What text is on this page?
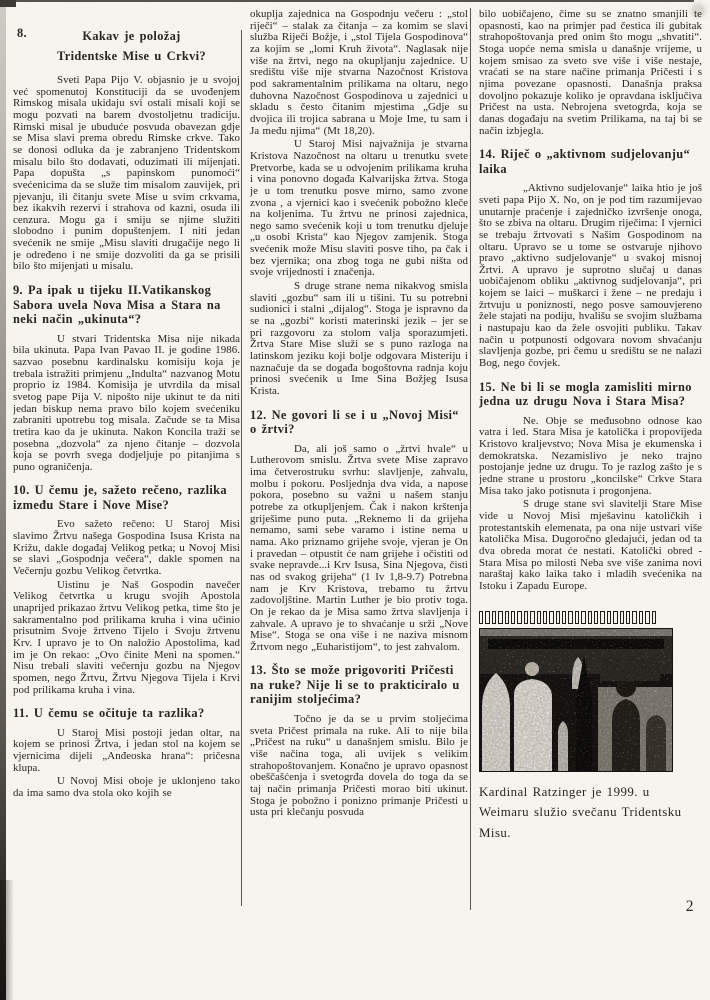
8.	Kakav je položaj
Tridentske Mise u Crkvi?

Sveti Papa Pijo V. objasnio je u svojoj već spomenutoj Konstituciji da se uvođenjem Rimskog misala ukidaju svi ostali misali koji se mogu pozvati na barem dvostoljetnu tradiciju. Rimski misal je ubuduće posvuda obavezan gdje se Misa slavi prema obredu Rimske crkve. Tako se donosi odluka da je zabranjeno Tridentskom misalu bilo što dodavati, oduzimati ili mijenjati. Papa dopušta „s papinskom punomoći“ svećenicima da se služe tim misalom zauvijek, pri pjevanju, ili čitanju svete Mise u svim crkvama, bez ikakvih rezervi i strahova od kazni, osuda ili cenzura. Mogu ga i smiju se njime služiti slobodno i punim dopuštenjem. I niti jedan svećenik ne smije „Misu slaviti drugačije nego li je određeno i ne smije dozvoliti da ga se prisili bilo što mijenjati u misalu.

9. Pa ipak u tijeku II.Vatikanskog Sabora uvela Nova Misa a Stara na neki način „ukinuta“?

U stvari Tridentska Misa nije nikada bila ukinuta. Papa Ivan Pavao II. je godine 1986. sazvao posebnu kardinalsku komisiju koja je trebala istražiti primjenu „Indulta“ nazvanog Motu proprio iz 1984. Komisija je utvrdila da misal svetog pape Pija V. nipošto nije ukinut te da niti jedan biskup nema pravo bilo kojem svećeniku zabraniti upotrebu tog misala. Začude se ta Misa tretira kao da je ukinuta. Nakon Koncila traži se posebna „dozvola“ za njeno čitanje – dozvola koja se povrh svega dodjeljuje po pitanjima s puno ograničenja.

10. U čemu je, sažeto rečeno, razlika između Stare i Nove Mise?

Evo sažeto rečeno: U Staroj Misi slavimo Žrtvu našega Gospodina Isusa Krista na Križu, dakle događaj Velikog petka; u Novoj Misi se slavi „Gospodnja večera“, dakle spomen na Večernju gozbu Velikog četvrtka.

Uistinu je Naš Gospodin navečer Velikog četvrtka u krugu svojih Apostola unaprijed prikazao žrtvu Velikog petka, time što je sakramentalno pod prilikama kruha i vina učinio prisutnim Svoje žrtveno Tijelo i Svoju žrtvenu Krv. I upravo je to On naložio Apostolima, kad im je On rekao: „Ovo činite Meni na spomen.“ Nisu trebali slaviti večernju gozbu na Njegov spomen, nego Žrtvu, Žrtvu Njegova Tijela i Krvi pod prilikama kruha i vina.

11. U čemu se očituje ta razlika?

U Staroj Misi postoji jedan oltar, na kojem se prinosi Žrtva, i jedan stol na kojem se vjernicima dijeli „Anđeoska hrana“: pričesna klupa.

U Novoj Misi oboje je uklonjeno tako da ima samo dva stola oko kojih se

okuplja zajednica na Gospodnju večeru : „stol riječi“ – stalak za čitanja – za komim se slavi služba Riječi Božje, i „stol Tijela Gospodinova“ za kojim se „lomi Kruh života“. Naglasak nije više na žrtvi, nego na okupljanju zajednice. U središtu više nije stvarna Nazočnost Kristova pod sakramentalnim prilikama na oltaru, nego duhovna Nazočnost Gospodinova u zajednici u skladu s često čitanim mjestima „Gdje su dvojica ili trojica sabrana u Moje Ime, tu sam i Ja među njima“ (Mt 18,20).

U Staroj Misi najvažnija je stvarna Kristova Nazočnost na oltaru u trenutku svete Pretvorbe, kada se u odvojenim prilikama kruha i vina ponovno događa Kalvarijska žrtva. Stoga je u tom trenutku posve mirno, samo zvone zvona , a vjernici kao i svećenik pobožno kleče na koljenima. Tu žrtvu ne prinosi zajednica, nego samo svećenik koji u tom trenutku djeluje „u osobi Krista“ kao Njegov zamjenik. Stoga svećenik može Misu slaviti posve tiho, pa čak i bez vjernika; ona zbog toga ne gubi ništa od svoje vrijednosti i značenja.

S druge strane nema nikakvog smisla slaviti „gozbu“ sam ili u tišini. Tu su potrebni sudionici i stalni „dijalog“. Stoga je ispravno da se na „gozbi“ koristi materinski jezik – jer se pri razgovoru za stolom valja sporazumjeti. Žrtva Stare Mise služi se s puno razloga na latinskom jeziku koji bolje odgovara Misteriju i naznačuje da se događa bogoštovna radnja koju prinosi svećenik u Ime Sina Božjeg Isusa Krista.

12. Ne govori li se i u „Novoj Misi“ o žrtvi?

Da, ali još samo o „žrtvi hvale“ u Lutherovom smislu. Žrtva svete Mise zapravo ima četverostruku svrhu: slavljenje, zahvalu, molbu i pokoru. Posljednja dva vida, a napose pokora, posebno su važni u našem stanju potrebe za otkupljenjem. Čak i nakon krštenja griješime puno puta. „Reknemo li da grijeha nemamo, sami sebe varamo i istine nema u nama. Ako priznamo grijehe svoje, vjeran je On i pravedan – otpustit će nam grijehe i očistiti od svake nepravde...i Krv Isusa, Sina Njegova, čisti nas od svakog grijeha“ (1 Iv 1,8-9.7) Potrebna nam je Krv Kristova, trebamo tu žrtvu zadovoljštine. Martin Luther je bio protiv toga. On je rekao da je Misa samo žrtva slavljenja i zahvale. A upravo je to shvaćanje u srži „Nove Mise“. Stoga se ona više i ne naziva misnom Žrtvom nego „Euharistijom“, to jest zahvalom.

13. Što se može prigovoriti Pričesti na ruke? Nije li se to prakticiralo u ranijim stoljećima?

Točno je da se u prvim stoljećima sveta Pričest primala na ruke. Ali to nije bila „Pričest na ruku“ u današnjem smislu. Bilo je više načina toga, ali uvijek s velikim strahopoštovanjem. Konačno je upravo opasnost obeščašćenja i svetogrđa dovela do toga da se taj način primanja Pričesti morao biti ukinut. Stoga je pobožno i ponizno primanje Pričesti u usta pri klečanju posvuda

bilo uobičajeno, čime su se znatno smanjili te opasnosti, kao na primjer pad čestica ili gubitak strahopoštovanja pred onim što mogu „shvatiti“. Stoga uopće nema smisla u današnje vrijeme, u kojem smisao za sveto sve više i više nestaje, vraćati se na stare načine primanja Pričesti i s njima povezane opasnosti. Današnja praksa dovoljno pokazuje koliko je opravdana isključiva Pričest na usta. Nebrojena svetogrđa, koja se danas događaju na svetim Prilikama, na taj bi se način izbjegla.

14. Riječ o „aktivnom sudjelovanju“ laika

„Aktivno sudjelovanje“ laika htio je još sveti papa Pijo X. No, on je pod tim razumijevao unutarnje praćenje i zajedničko izvršenje onoga, što se zbiva na oltaru. Drugim riječima: I vjernici se trebaju žrtvovati s Našim Gospodinom na oltaru. Upravo se u tome se ostvaruje njihovo pravo „aktivno sudjelovanje“ u svakoj misnoj Žrtvi. A upravo je suprotno slučaj u danas uobičajenom obliku „aktivnog sudjelovanja“, pri kojem se laici – muškarci i žene – ne predaju i žrtvuju u poniznosti, nego posve samouvjereno žele stajati na podiju, hvališu se svojim službama i nastupaju kao da žele osvojiti publiku. Takav način u potpunosti odgovara novom shvaćanju slavljenja gozbe, pri čemu u središtu se ne nalazi Bog, nego čovjek.

15. Ne bi li se mogla zamisliti mirno jedna uz drugu Nova i Stara Misa?

Ne. Obje se međusobno odnose kao vatra i led. Stara Misa je katolička i propovijeda Kristovo kraljevstvo; Nova Misa je ekumenska i demokratska. Nezamislivo je neko trajno postojanje jedne uz drugu. To je razlog zašto je s jedne strane u prostoru „koncilske“ Crkve Stara Misa tako jako potisnuta i progonjena.

S druge stane svi slavitelji Stare Mise vide u Novoj Misi mješavinu katoličkih i protestantskih elemenata, pa ona nije ustvari više katolička Misa. Dugoročno gledajući, jedan od ta dva obreda morat će nestati. Katolički obred - Stara Misa po milosti Neba sve više zanima novi naraštaj kako laika tako i mladih svećenika na Istoku i Zapadu Europe.

Kardinal Ratzinger je 1999. u Weimaru služio svečanu Tridentsku Misu.
2
